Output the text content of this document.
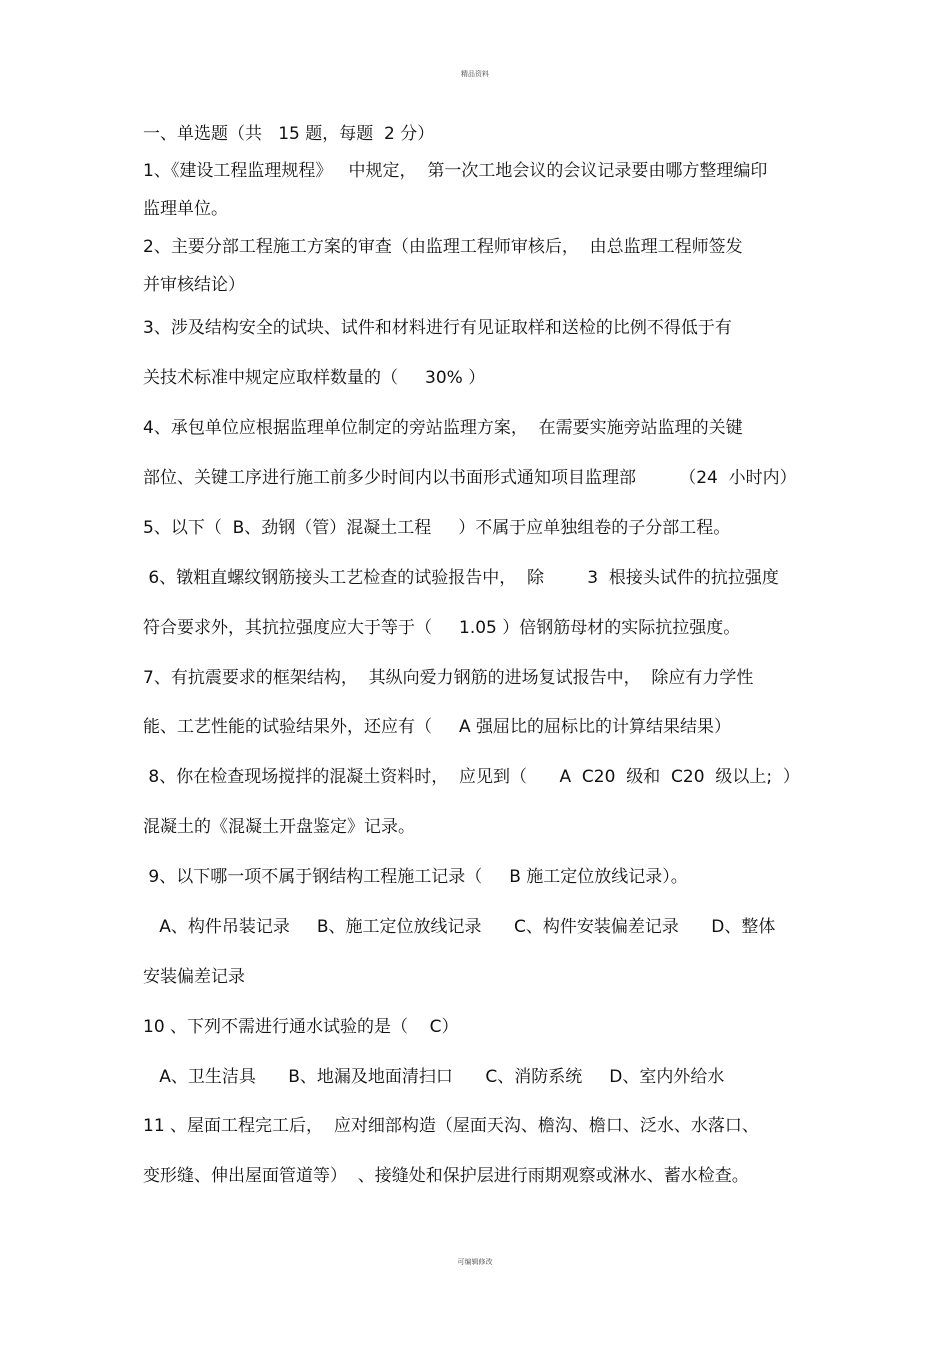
精品资料
一、单选题（共   15 题，每题  2 分）
1、《建设工程监理规程》   中规定，  第一次工地会议的会议记录要由哪方整理编印
监理单位。
2、主要分部工程施工方案的审查（由监理工程师审核后，  由总监理工程师签发
并审核结论）
3、涉及结构安全的试块、试件和材料进行有见证取样和送检的比例不得低于有
关技术标准中规定应取样数量的（     30% ）
4、承包单位应根据监理单位制定的旁站监理方案，  在需要实施旁站监理的关键
部位、关键工序进行施工前多少时间内以书面形式通知项目监理部        （24  小时内）
5、以下（  B、劲钢（管）混凝土工程     ）不属于应单独组卷的子分部工程。
6、镦粗直螺纹钢筋接头工艺检查的试验报告中，  除        3  根接头试件的抗拉强度
符合要求外，其抗拉强度应大于等于（     1.05 ）倍钢筋母材的实际抗拉强度。
7、有抗震要求的框架结构，  其纵向爱力钢筋的进场复试报告中，  除应有力学性
能、工艺性能的试验结果外，还应有（     A 强屈比的屈标比的计算结果结果）
8、你在检查现场搅拌的混凝土资料时，  应见到（      A  C20  级和  C20  级以上;  ）
混凝土的《混凝土开盘鉴定》记录。
9、以下哪一项不属于钢结构工程施工记录（     B 施工定位放线记录）。
A、构件吊装记录     B、施工定位放线记录      C、构件安装偏差记录      D、整体
安装偏差记录
10 、下列不需进行通水试验的是（    C）
A、卫生洁具      B、地漏及地面清扫口      C、消防系统     D、室内外给水
11 、屋面工程完工后，  应对细部构造（屋面天沟、檐沟、檐口、泛水、水落口、
变形缝、伸出屋面管道等）  、接缝处和保护层进行雨期观察或淋水、蓄水检查。
可编辑修改
